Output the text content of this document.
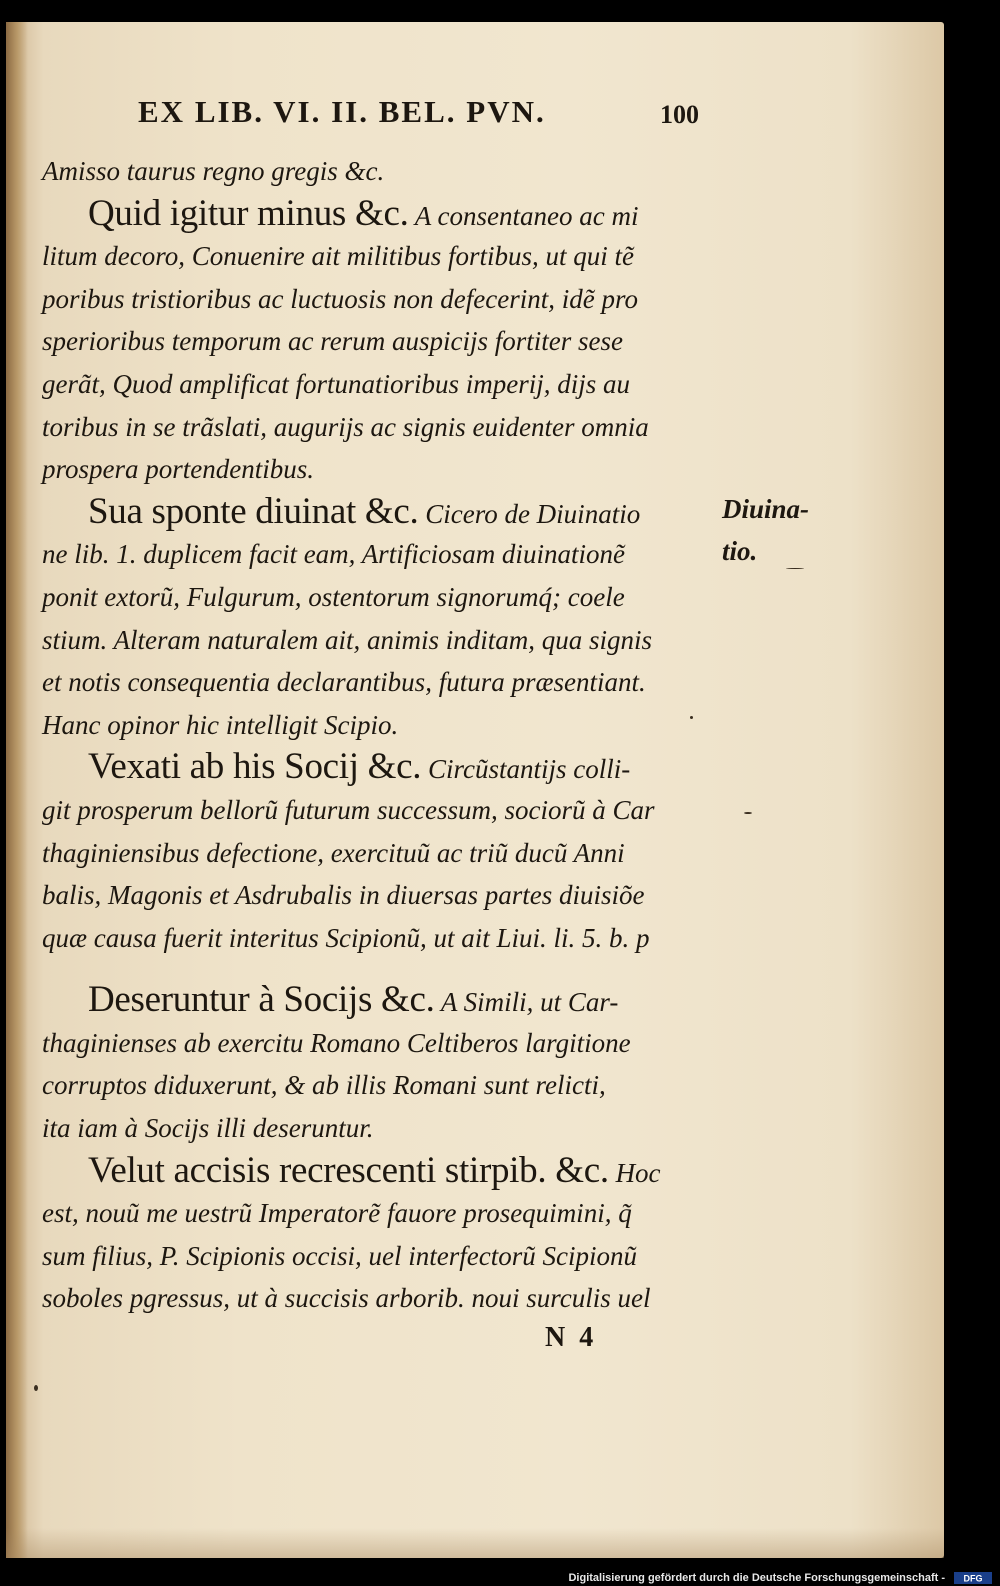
EX LIB. VI. II. BEL. PVN.	100
Amisso taurus regno gregis &c.
Quid igitur minus &c. A consentaneo ac mi
litum decoro, Conuenire ait militibus fortibus, ut qui tẽ
poribus tristioribus ac luctuosis non defecerint, idẽ pro
sperioribus temporum ac rerum auspicijs fortiter sese
gerãt, Quod amplificat fortunatioribus imperij, dijs au
toribus in se trãslati, augurijs ac signis euidenter omnia
prospera portendentibus.
Sua sponte diuinat &c. Cicero de Diuinatio
ne lib. 1. duplicem facit eam, Artificiosam diuinationẽ
ponit extorũ, Fulgurum, ostentorum signorumq́; coele
stium. Alteram naturalem ait, animis inditam, qua signis
et notis consequentia declarantibus, futura præsentiant.
Hanc opinor hic intelligit Scipio.
Vexati ab his Socij &c. Circũstantijs colli-
git prosperum bellorũ futurum successum, sociorũ à Car
thaginiensibus defectione, exercituũ ac triũ ducũ Anni
balis, Magonis et Asdrubalis in diuersas partes diuisiõe
quæ causa fuerit interitus Scipionũ, ut ait Liui. li. 5. b. p
Deseruntur à Socijs &c. A Simili, ut Car-
thaginienses ab exercitu Romano Celtiberos largitione
corruptos diduxerunt, & ab illis Romani sunt relicti,
ita iam à Socijs illi deseruntur.
Velut accisis recrescenti stirpib. &c. Hoc
est, nouũ me uestrũ Imperatorẽ fauore prosequimini, q̃
sum filius, P. Scipionis occisi, uel interfectorũ Scipionũ
soboles pgressus, ut à succisis arborib. noui surculis uel
Diuina-
tio.
N  4
Digitalisierung gefördert durch die Deutsche Forschungsgemeinschaft - DFG
